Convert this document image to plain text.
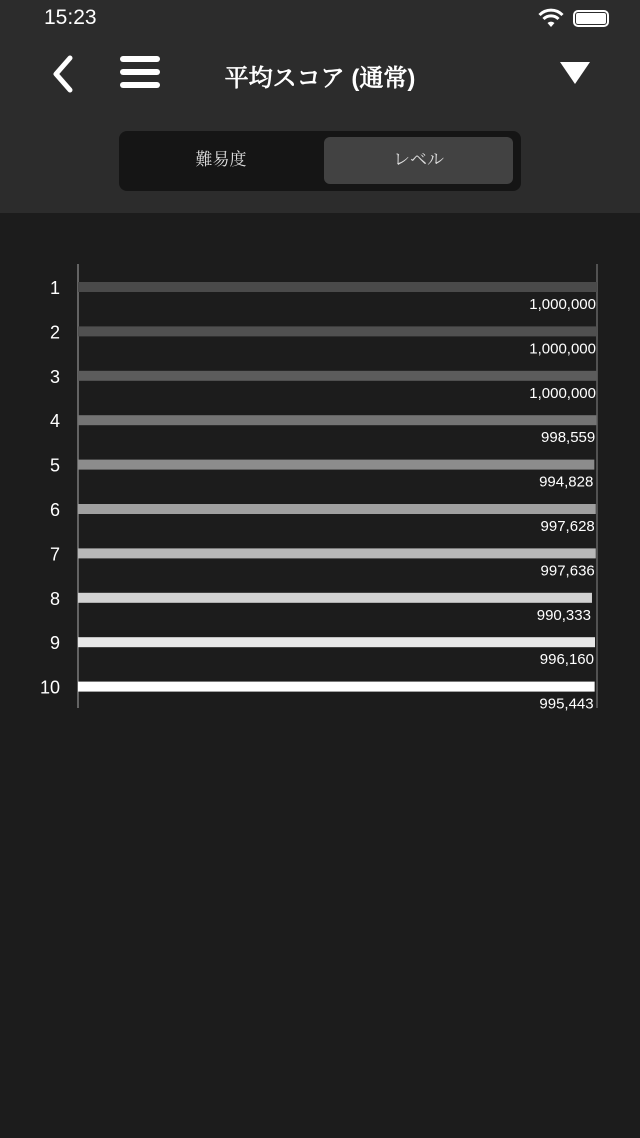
15:23
平均スコア (通常)
難易度	レベル
1
1,000,000
2
1,000,000
3
1,000,000
4
998,559
5
994,828
6
997,628
7
997,636
8
990,333
9
996,160
10
995,443
